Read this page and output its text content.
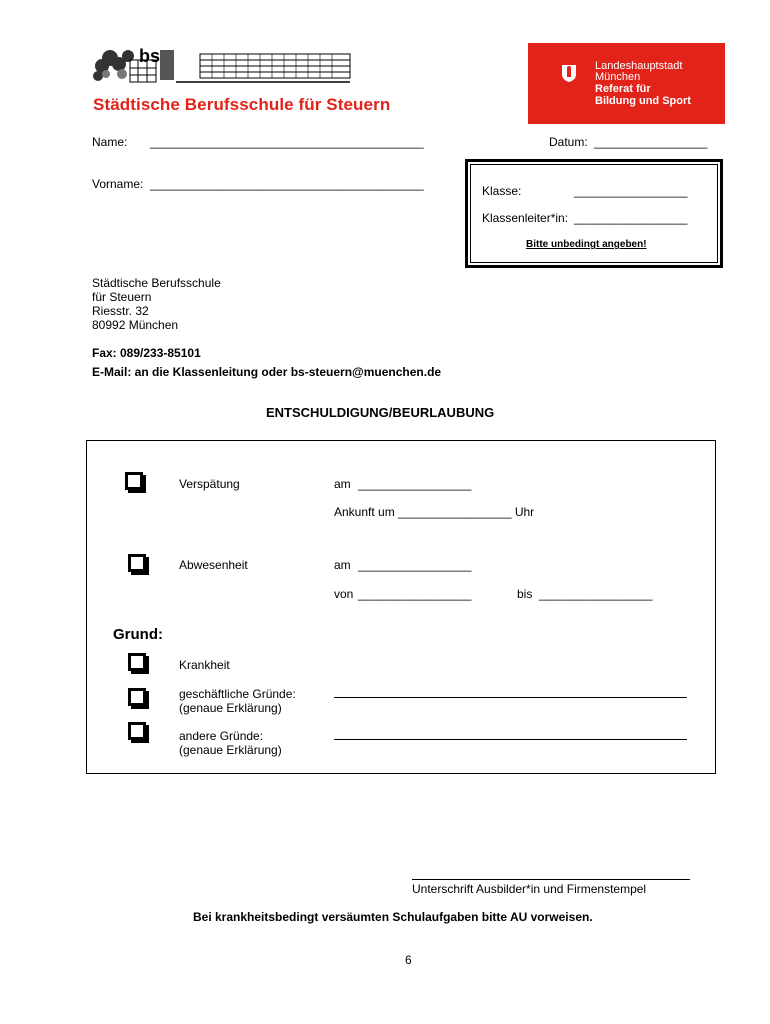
bs
Städtische Berufsschule für Steuern
Landeshauptstadt
München
Referat für
Bildung und Sport
Name: _________________________________________	Datum: _________________
Vorname: _________________________________________	Klasse:	_________________
Klassenleiter*in: _________________
Bitte unbedingt angeben!
Städtische Berufsschule
für Steuern
Riesstr. 32
80992 München
Fax: 089/233-85101
E-Mail: an die Klassenleitung oder bs-steuern@muenchen.de
ENTSCHULDIGUNG/BEURLAUBUNG
Verspätung	am _________________
Ankunft um _________________ Uhr
Abwesenheit	am _________________
von _________________	bis _________________
Grund:
Krankheit
geschäftliche Gründe:
(genaue Erklärung)
andere Gründe:
(genaue Erklärung)
Unterschrift Ausbilder*in und Firmenstempel
Bei krankheitsbedingt versäumten Schulaufgaben bitte AU vorweisen.
6
